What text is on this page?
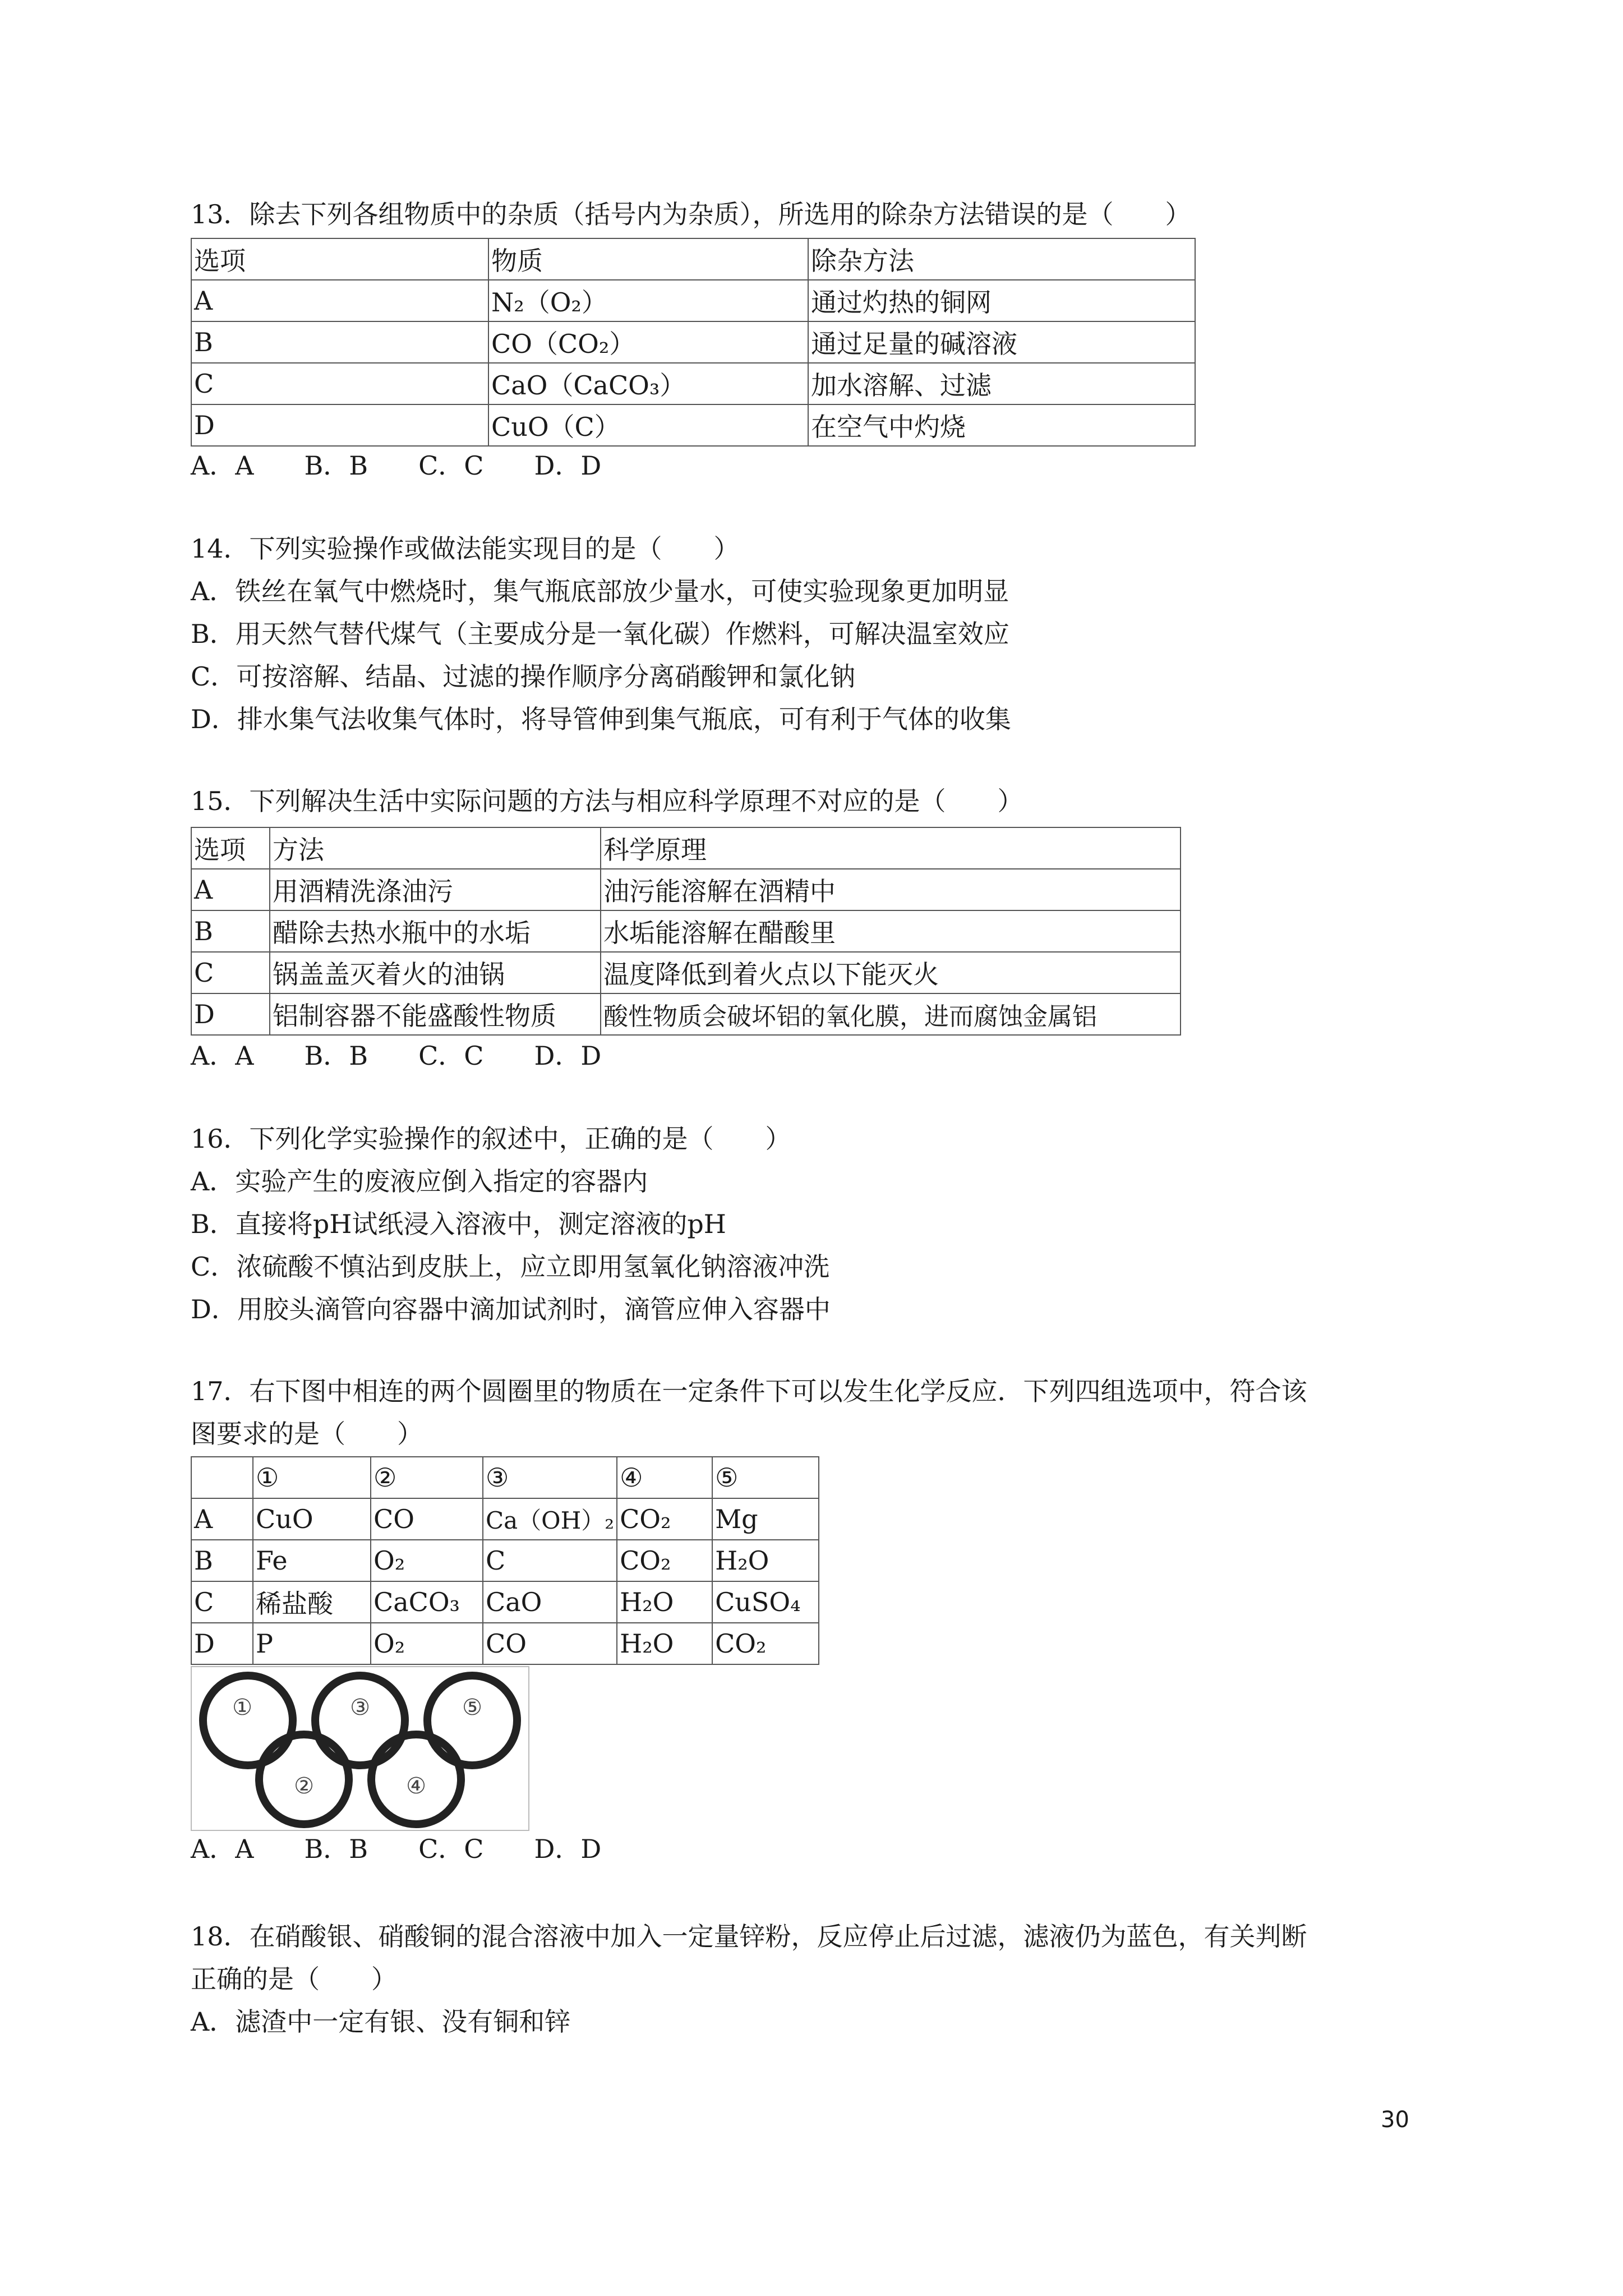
13．除去下列各组物质中的杂质（括号内为杂质），所选用的除杂方法错误的是（　　）
选项	物质	除杂方法
A	N₂（O₂）	通过灼热的铜网
B	CO（CO₂）	通过足量的碱溶液
C	CaO（CaCO₃）	加水溶解、过滤
D	CuO（C）	在空气中灼烧
A．A B．B C．C D．D
14．下列实验操作或做法能实现目的是（　　）
A．铁丝在氧气中燃烧时，集气瓶底部放少量水，可使实验现象更加明显
B．用天然气替代煤气（主要成分是一氧化碳）作燃料，可解决温室效应
C．可按溶解、结晶、过滤的操作顺序分离硝酸钾和氯化钠
D．排水集气法收集气体时，将导管伸到集气瓶底，可有利于气体的收集
15．下列解决生活中实际问题的方法与相应科学原理不对应的是（　　）
选项	方法	科学原理
A	用酒精洗涤油污	油污能溶解在酒精中
B	醋除去热水瓶中的水垢	水垢能溶解在醋酸里
C	锅盖盖灭着火的油锅	温度降低到着火点以下能灭火
D	铝制容器不能盛酸性物质	酸性物质会破坏铝的氧化膜，进而腐蚀金属铝
A．A B．B C．C D．D
16．下列化学实验操作的叙述中，正确的是（　　）
A．实验产生的废液应倒入指定的容器内
B．直接将pH试纸浸入溶液中，测定溶液的pH
C．浓硫酸不慎沾到皮肤上，应立即用氢氧化钠溶液冲洗
D．用胶头滴管向容器中滴加试剂时，滴管应伸入容器中
17．右下图中相连的两个圆圈里的物质在一定条件下可以发生化学反应．下列四组选项中，符合该
图要求的是（　　）
	①	②	③	④	⑤
A	CuO	CO	Ca（OH）₂	CO₂	Mg
B	Fe	O₂	C	CO₂	H₂O
C	稀盐酸	CaCO₃	CaO	H₂O	CuSO₄
D	P	O₂	CO	H₂O	CO₂
①	③	⑤
②	④
A．A B．B C．C D．D
18．在硝酸银、硝酸铜的混合溶液中加入一定量锌粉，反应停止后过滤，滤液仍为蓝色，有关判断
正确的是（　　）
A．滤渣中一定有银、没有铜和锌
30
